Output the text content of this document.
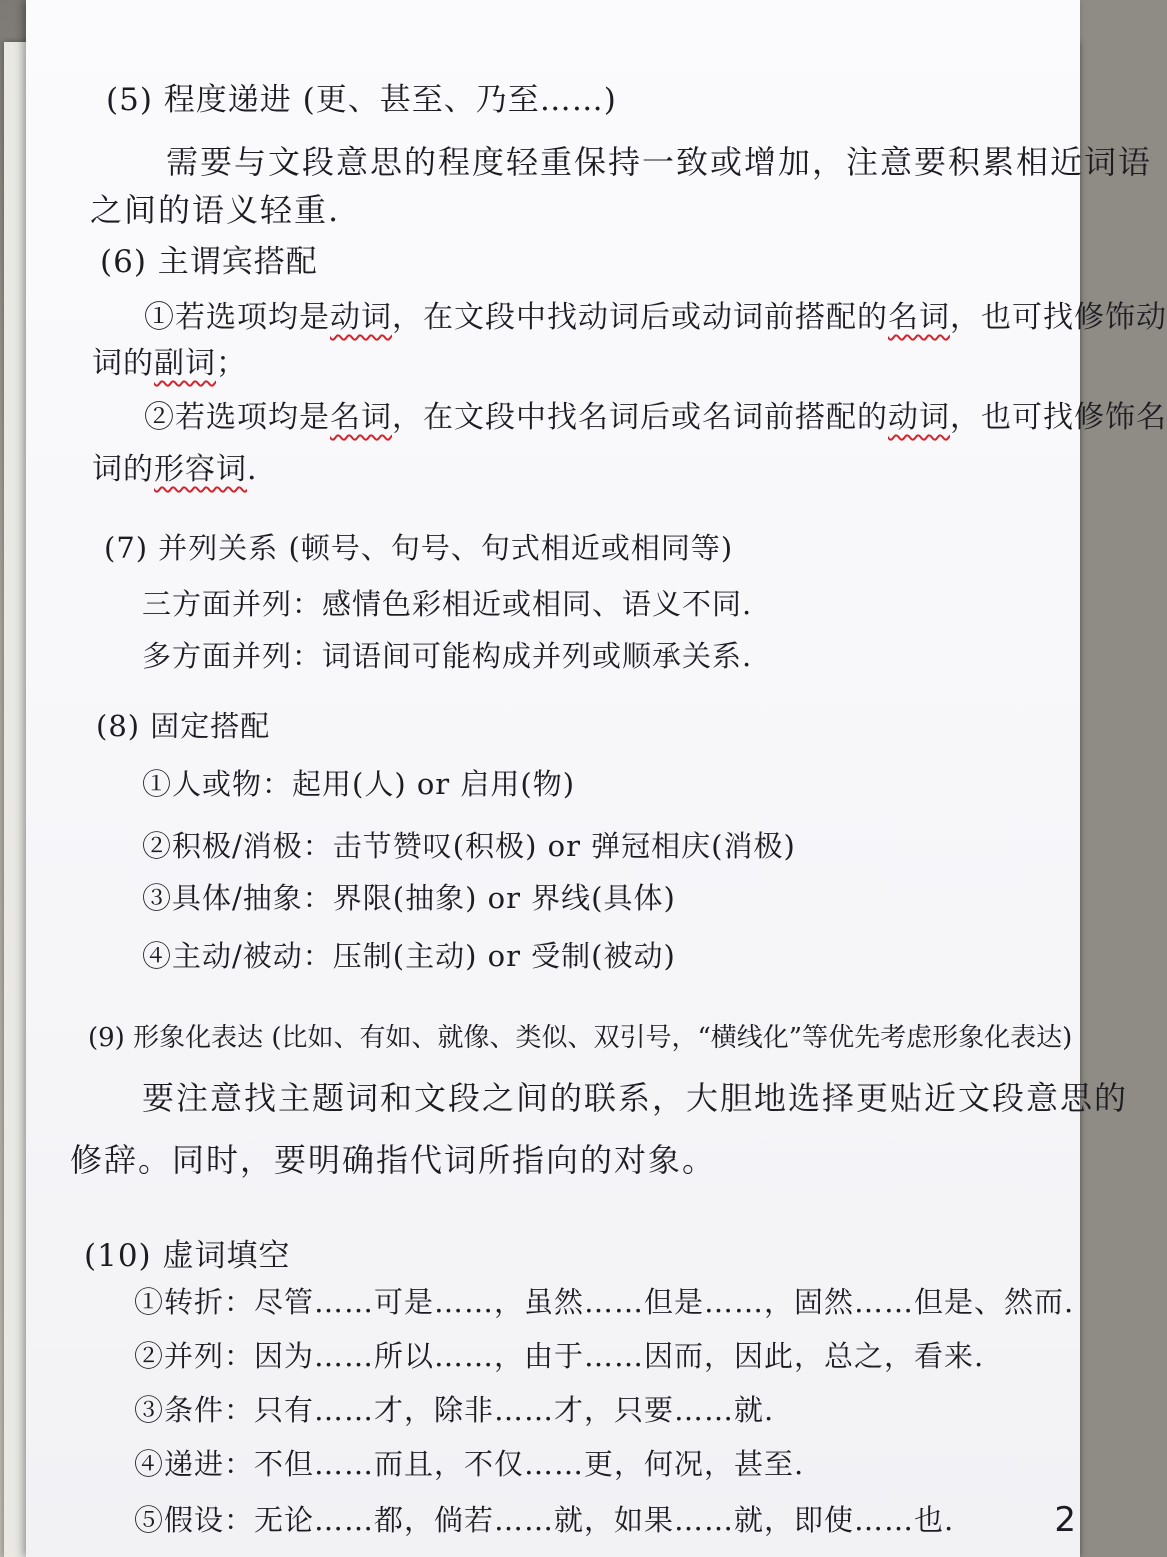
(5) 程度递进 (更、甚至、乃至……)
需要与文段意思的程度轻重保持一致或增加，注意要积累相近词语
之间的语义轻重.
(6) 主谓宾搭配
①若选项均是动词，在文段中找动词后或动词前搭配的名词，也可找修饰动
词的副词；
②若选项均是名词，在文段中找名词后或名词前搭配的动词，也可找修饰名
词的形容词.
(7) 并列关系 (顿号、句号、句式相近或相同等)
三方面并列：感情色彩相近或相同、语义不同.
多方面并列：词语间可能构成并列或顺承关系.
(8) 固定搭配
①人或物：起用(人) or 启用(物)
②积极/消极：击节赞叹(积极) or 弹冠相庆(消极)
③具体/抽象：界限(抽象) or 界线(具体)
④主动/被动：压制(主动) or 受制(被动)
(9) 形象化表达 (比如、有如、就像、类似、双引号，“横线化”等优先考虑形象化表达)
要注意找主题词和文段之间的联系，大胆地选择更贴近文段意思的
修辞。同时，要明确指代词所指向的对象。
(10) 虚词填空
①转折：尽管……可是……，虽然……但是……，固然……但是、然而.
②并列：因为……所以……，由于……因而，因此，总之，看来.
③条件：只有……才，除非……才，只要……就.
④递进：不但……而且，不仅……更，何况，甚至.
⑤假设：无论……都，倘若……就，如果……就，即使……也.	2
